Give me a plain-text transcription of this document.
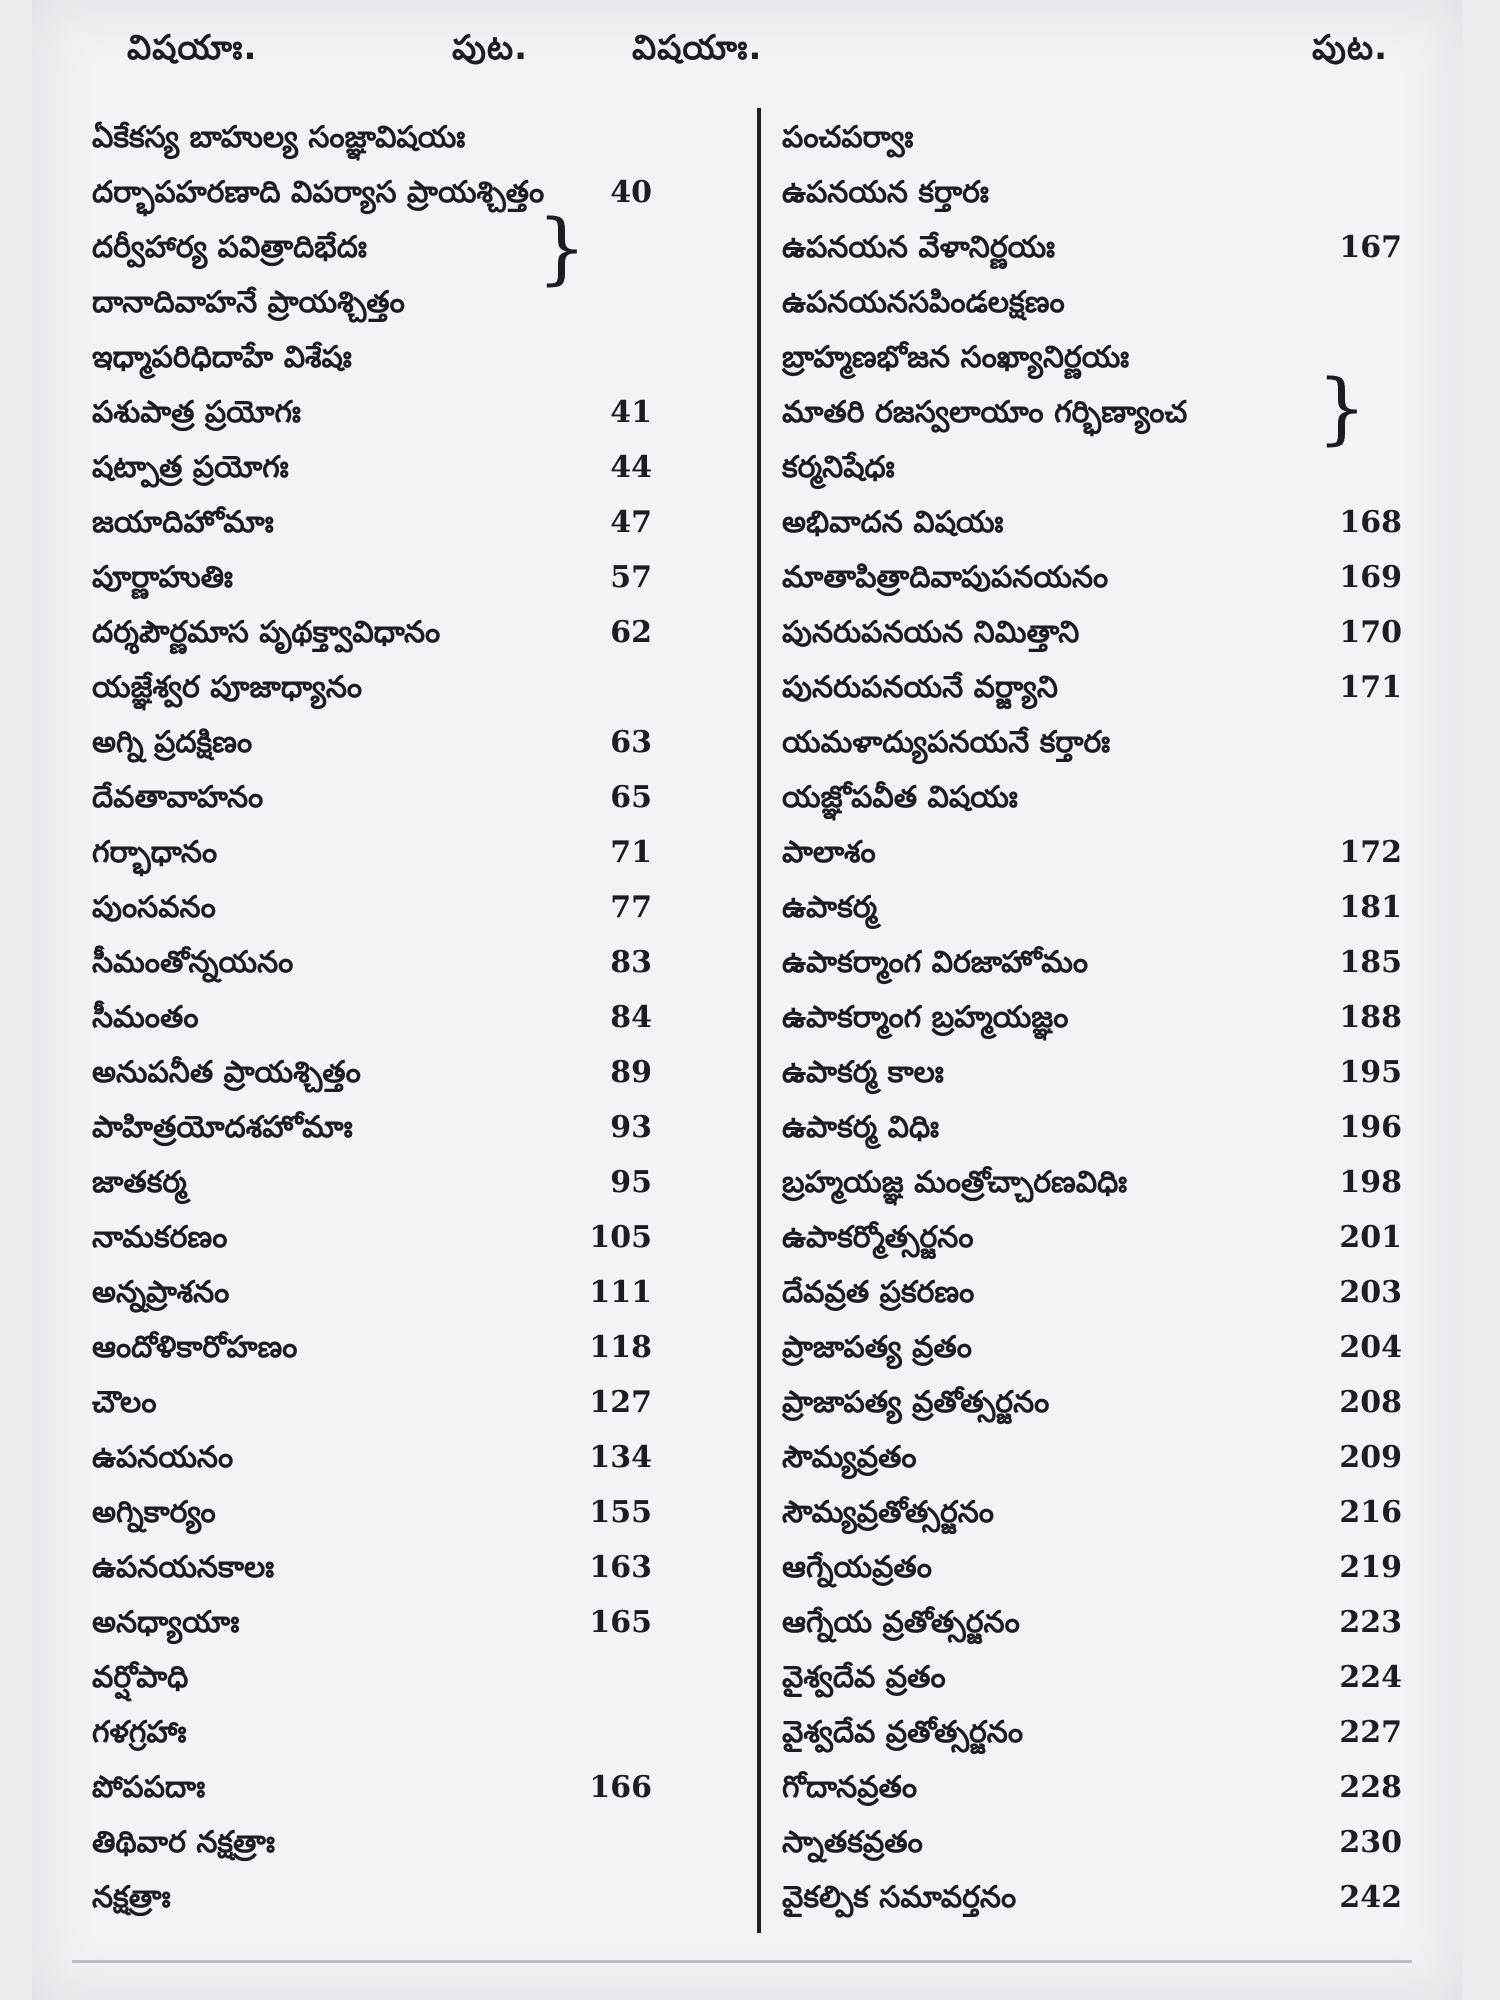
విషయాః.	పుట.	విషయాః.	పుట.
ఏకేకస్య బాహుల్య సంజ్ఞావిషయః
దర్భాపహరణాది విపర్యాస ప్రాయశ్చిత్తం	40
దర్వీహార్య పవిత్రాదిభేదః
దానాదివాహనే ప్రాయశ్చిత్తం
ఇధ్మాపరిధిదాహే విశేషః
పశుపాత్ర ప్రయోగః	41
షట్పాత్ర ప్రయోగః	44
జయాదిహోమాః	47
పూర్ణాహుతిః	57
దర్శపౌర్ణమాస పృథక్త్వావిధానం	62
యజ్ఞేశ్వర పూజాధ్యానం
అగ్ని ప్రదక్షిణం	63
దేవతావాహనం	65
గర్భాధానం	71
పుంసవనం	77
సీమంతోన్నయనం	83
సీమంతం	84
అనుపనీత ప్రాయశ్చిత్తం	89
పాహిత్రయోదశహోమాః	93
జాతకర్మ	95
నామకరణం	105
అన్నప్రాశనం	111
ఆందోళికారోహణం	118
చౌలం	127
ఉపనయనం	134
అగ్నికార్యం	155
ఉపనయనకాలః	163
అనధ్యాయాః	165
వర్షోపాధి
గళగ్రహాః
పోపపదాః	166
తిథివార నక్షత్రాః
నక్షత్రాః
పంచపర్వాః
ఉపనయన కర్తారః
ఉపనయన వేళానిర్ణయః	167
ఉపనయనసపిండలక్షణం
బ్రాహ్మణభోజన సంఖ్యానిర్ణయః
మాతరి రజస్వలాయాం గర్భిణ్యాంచ
కర్మనిషేధః
అభివాదన విషయః	168
మాతాపిత్రాదివాపుపనయనం	169
పునరుపనయన నిమిత్తాని	170
పునరుపనయనే వర్జ్యాని	171
యమళాద్యుపనయనే కర్తారః
యజ్ఞోపవీత విషయః
పాలాశం	172
ఉపాకర్మ	181
ఉపాకర్మాంగ విరజాహోమం	185
ఉపాకర్మాంగ బ్రహ్మయజ్ఞం	188
ఉపాకర్మ కాలః	195
ఉపాకర్మ విధిః	196
బ్రహ్మయజ్ఞ మంత్రోచ్చారణవిధిః	198
ఉపాకర్మోత్సర్జనం	201
దేవవ్రత ప్రకరణం	203
ప్రాజాపత్య వ్రతం	204
ప్రాజాపత్య వ్రతోత్సర్జనం	208
సౌమ్యవ్రతం	209
సౌమ్యవ్రతోత్సర్జనం	216
ఆగ్నేయవ్రతం	219
ఆగ్నేయ వ్రతోత్సర్జనం	223
వైశ్వదేవ వ్రతం	224
వైశ్వదేవ వ్రతోత్సర్జనం	227
గోదానవ్రతం	228
స్నాతకవ్రతం	230
వైకల్పిక సమావర్తనం	242
}
}
